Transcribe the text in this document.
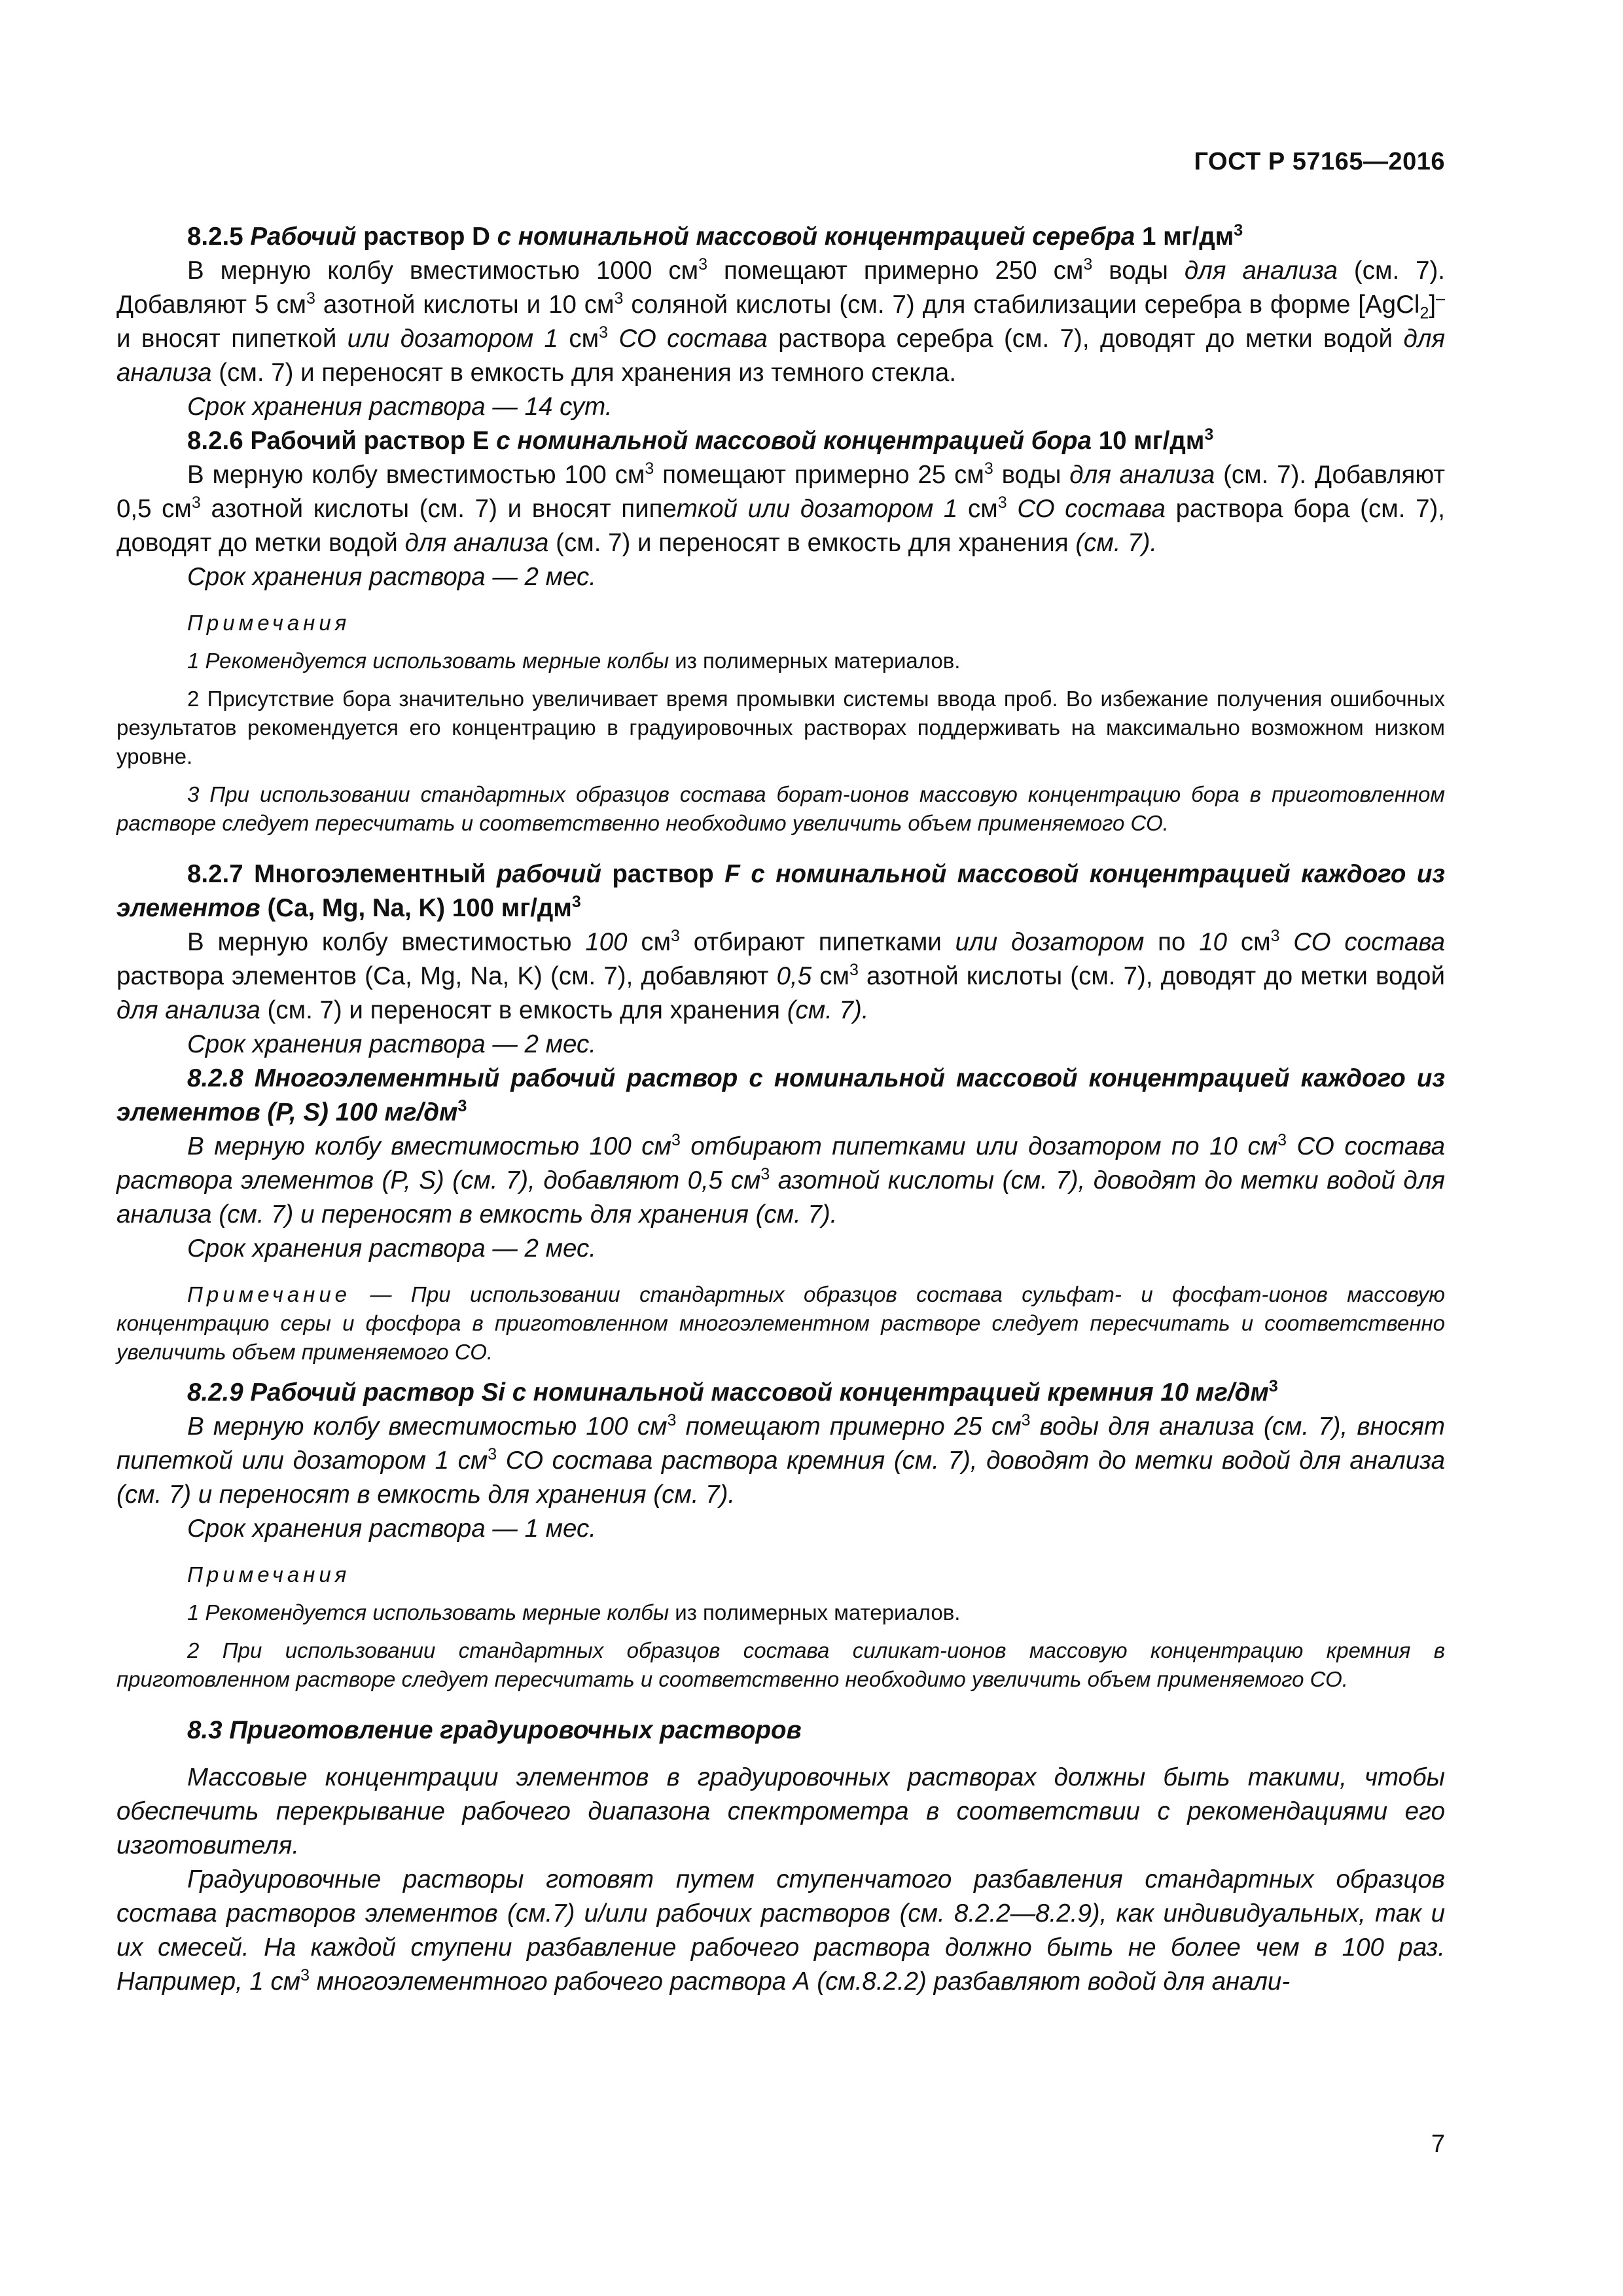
ГОСТ Р 57165—2016

8.2.5 Рабочий раствор D с номинальной массовой концентрацией серебра 1 $мг/дм^3$

В мерную колбу вместимостью 1000 $см^3$ помещают примерно 250 $см^3$ воды для анализа (см. 7). Добавляют 5 $см^3$ азотной кислоты и 10 $см^3$ соляной кислоты (см. 7) для стабилизации серебра в форме [AgCl$_2$]– и вносят пипеткой или дозатором 1 $см^3$ СО состава раствора серебра (см. 7), доводят до метки водой для анализа (см. 7) и переносят в емкость для хранения из темного стекла.

Срок хранения раствора — 14 сут.

8.2.6 Рабочий раствор Е с номинальной массовой концентрацией бора 10 $мг/дм^3$

В мерную колбу вместимостью 100 $см^3$ помещают примерно 25 $см^3$ воды для анализа (см. 7). Добавляют 0,5 $см^3$ азотной кислоты (см. 7) и вносят пипеткой или дозатором 1 $см^3$ СО состава раствора бора (см. 7), доводят до метки водой для анализа (см. 7) и переносят в емкость для хранения (см. 7).

Срок хранения раствора — 2 мес.

Примечания

1 Рекомендуется использовать мерные колбы из полимерных материалов.

2 Присутствие бора значительно увеличивает время промывки системы ввода проб. Во избежание получения ошибочных результатов рекомендуется его концентрацию в градуировочных растворах поддерживать на максимально возможном низком уровне.

3 При использовании стандартных образцов состава борат-ионов массовую концентрацию бора в приготовленном растворе следует пересчитать и соответственно необходимо увеличить объем применяемого СО.

8.2.7 Многоэлементный рабочий раствор F с номинальной массовой концентрацией каждого из элементов (Ca, Mg, Na, K) 100 $мг/дм^3$

В мерную колбу вместимостью 100 $см^3$ отбирают пипетками или дозатором по 10 $см^3$ СО состава раствора элементов (Ca, Mg, Na, K) (см. 7), добавляют 0,5 $см^3$ азотной кислоты (см. 7), доводят до метки водой для анализа (см. 7) и переносят в емкость для хранения (см. 7).

Срок хранения раствора — 2 мес.

8.2.8 Многоэлементный рабочий раствор с номинальной массовой концентрацией каждого из элементов (P, S) 100 $мг/дм^3$

В мерную колбу вместимостью 100 $см^3$ отбирают пипетками или дозатором по 10 $см^3$ СО состава раствора элементов (P, S) (см. 7), добавляют 0,5 $см^3$ азотной кислоты (см. 7), доводят до метки водой для анализа (см. 7) и переносят в емкость для хранения (см. 7).

Срок хранения раствора — 2 мес.

Примечание — При использовании стандартных образцов состава сульфат- и фосфат-ионов массовую концентрацию серы и фосфора в приготовленном многоэлементном растворе следует пересчитать и соответственно увеличить объем применяемого СО.

8.2.9 Рабочий раствор Si с номинальной массовой концентрацией кремния 10 $мг/дм^3$

В мерную колбу вместимостью 100 $см^3$ помещают примерно 25 $см^3$ воды для анализа (см. 7), вносят пипеткой или дозатором 1 $см^3$ СО состава раствора кремния (см. 7), доводят до метки водой для анализа (см. 7) и переносят в емкость для хранения (см. 7).

Срок хранения раствора — 1 мес.

Примечания

1 Рекомендуется использовать мерные колбы из полимерных материалов.

2 При использовании стандартных образцов состава силикат-ионов массовую концентрацию кремния в приготовленном растворе следует пересчитать и соответственно необходимо увеличить объем применяемого СО.

8.3 Приготовление градуировочных растворов

Массовые концентрации элементов в градуировочных растворах должны быть такими, чтобы обеспечить перекрывание рабочего диапазона спектрометра в соответствии с рекомендациями его изготовителя.

Градуировочные растворы готовят путем ступенчатого разбавления стандартных образцов состава растворов элементов (см.7) и/или рабочих растворов (см. 8.2.2—8.2.9), как индивидуальных, так и их смесей. На каждой ступени разбавление рабочего раствора должно быть не более чем в 100 раз. Например, 1 $см^3$ многоэлементного рабочего раствора А (см.8.2.2) разбавляют водой для анали-

7
